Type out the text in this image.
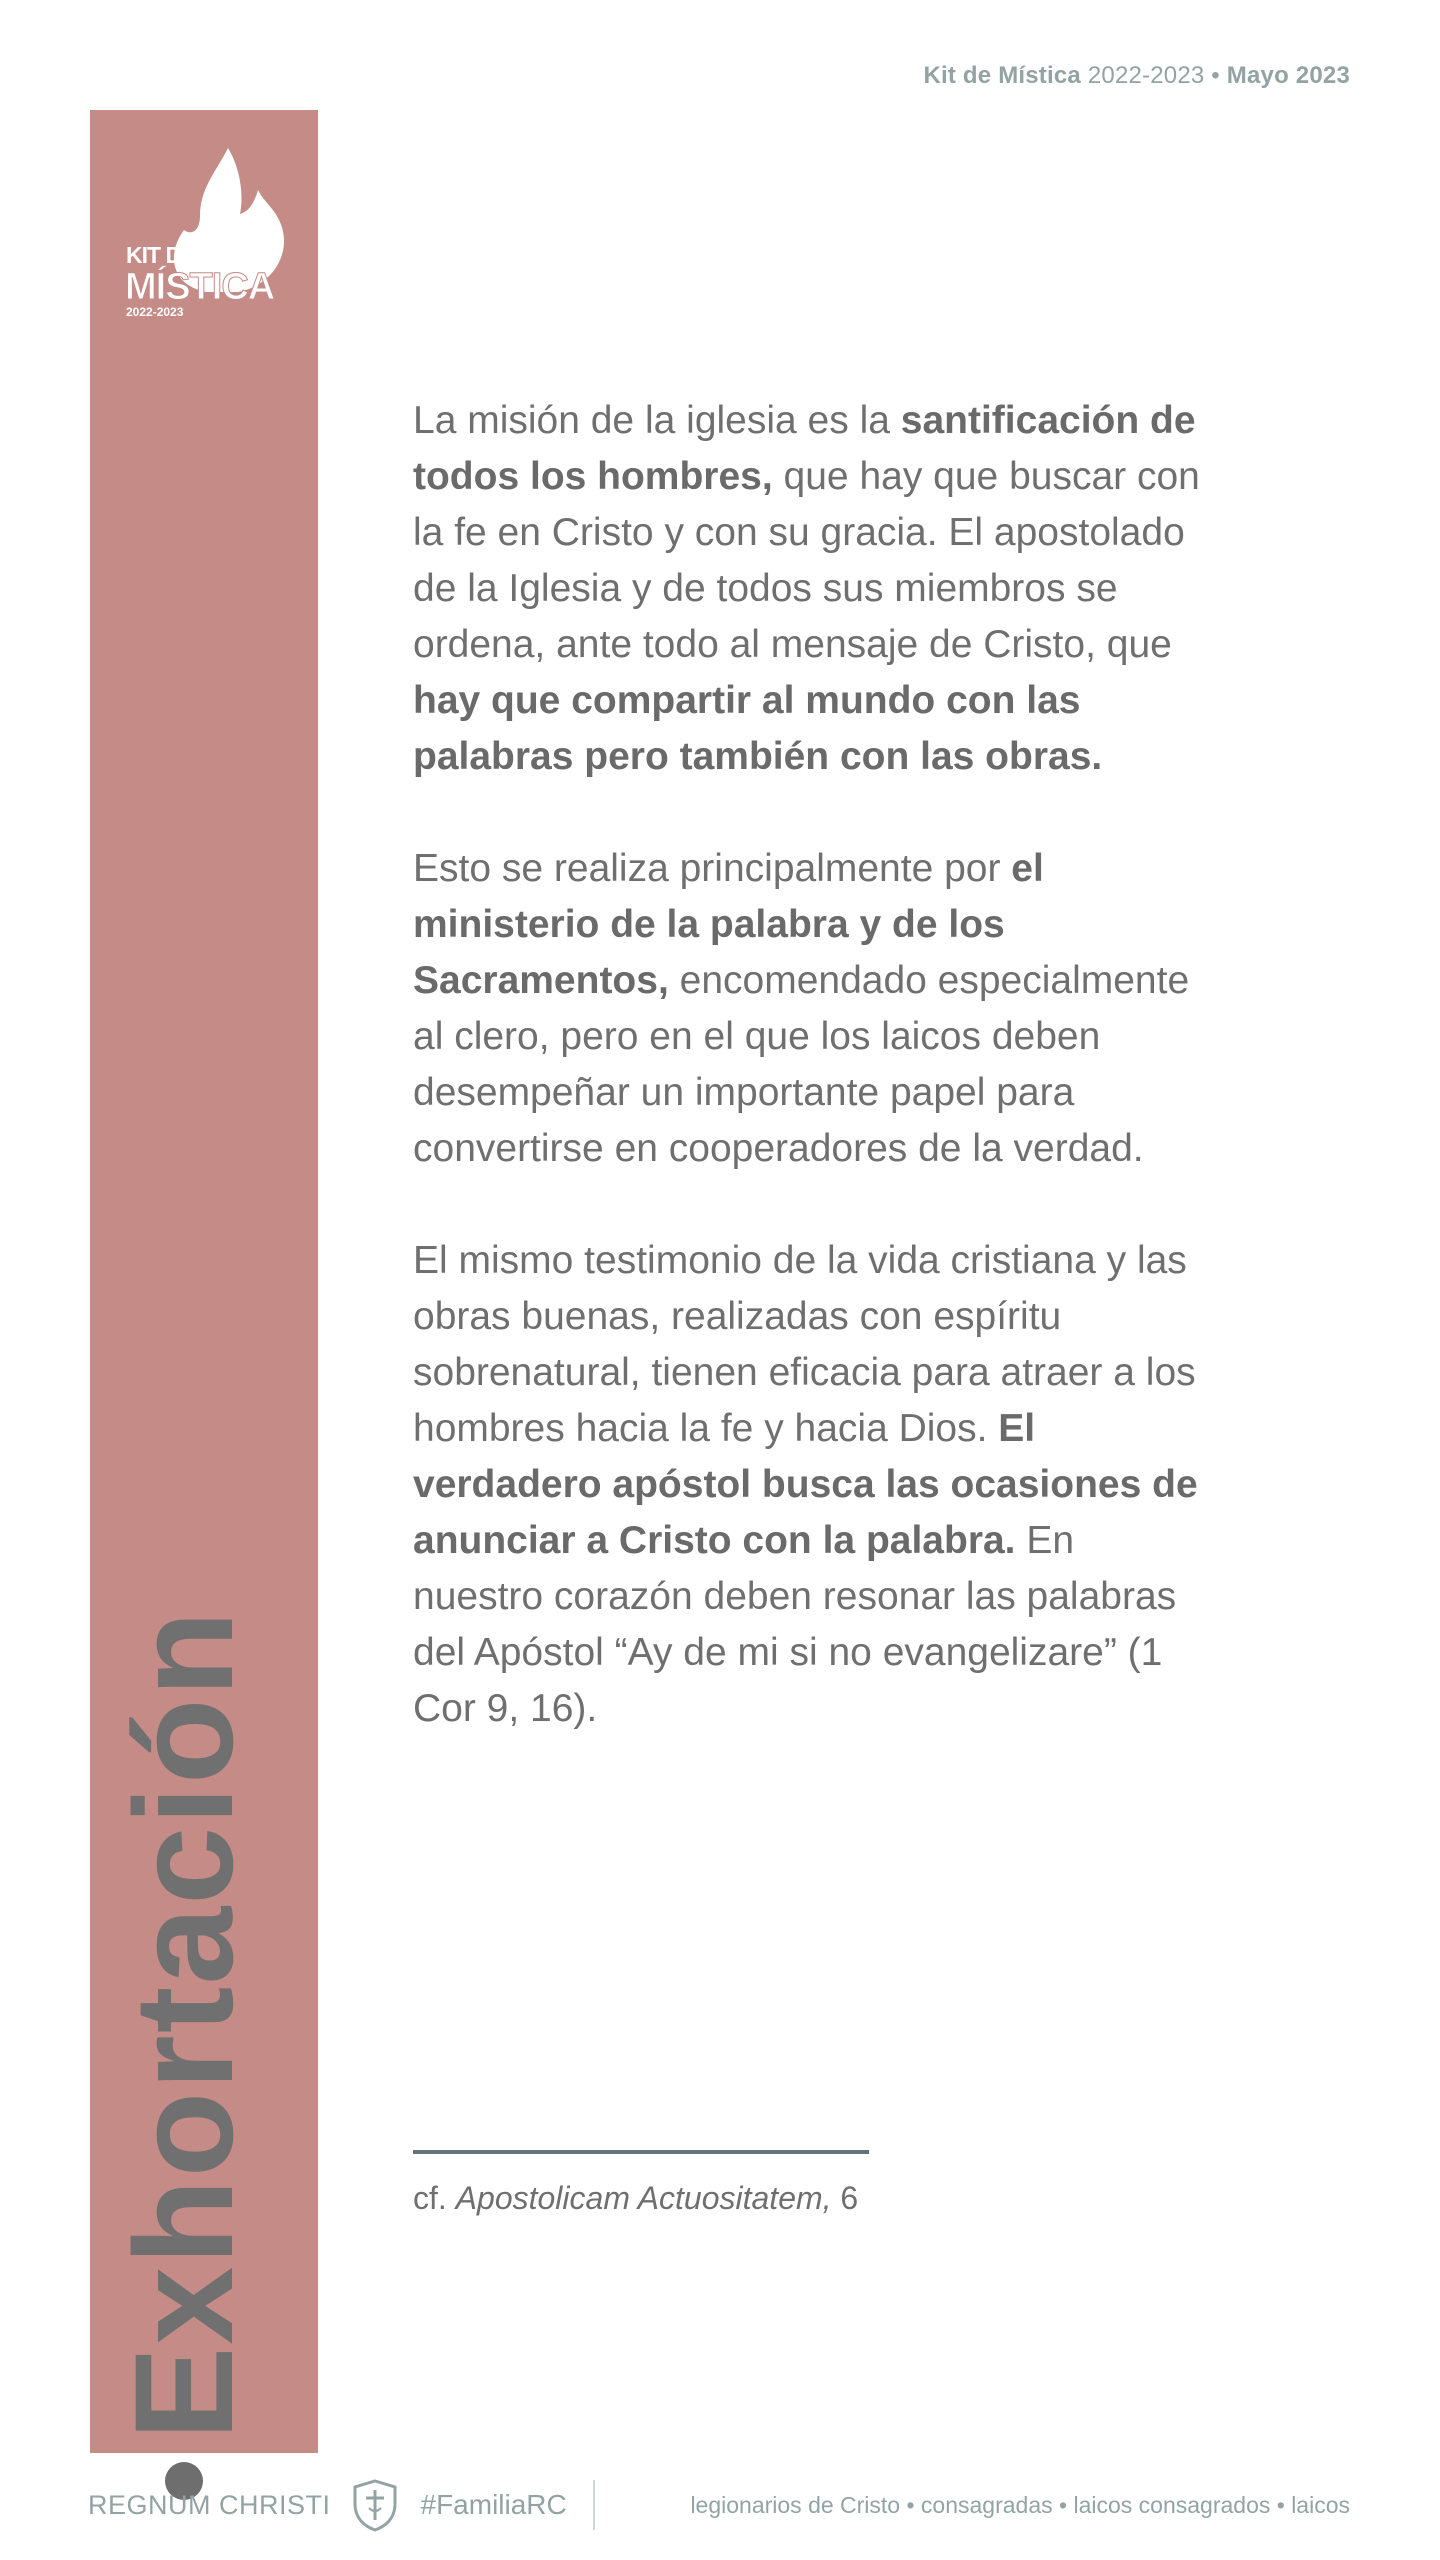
Kit de Mística 2022-2023 • Mayo 2023
KIT DE
MÍSTICA
2022-2023
Exhortación

La misión de la iglesia es la santificación de todos los hombres, que hay que buscar con la fe en Cristo y con su gracia. El apostolado de la Iglesia y de todos sus miembros se ordena, ante todo al mensaje de Cristo, que hay que compartir al mundo con las palabras pero también con las obras.

Esto se realiza principalmente por el ministerio de la palabra y de los Sacramentos, encomendado especialmente al clero, pero en el que los laicos deben desempeñar un importante papel para convertirse en cooperadores de la verdad.

El mismo testimonio de la vida cristiana y las obras buenas, realizadas con espíritu sobrenatural, tienen eficacia para atraer a los hombres hacia la fe y hacia Dios. El verdadero apóstol busca las ocasiones de anunciar a Cristo con la palabra. En nuestro corazón deben resonar las palabras del Apóstol “Ay de mi si no evangelizare” (1 Cor 9, 16).

cf. Apostolicam Actuositatem, 6
REGNUM CHRISTI	#FamiliaRC	legionarios de Cristo • consagradas • laicos consagrados • laicos
